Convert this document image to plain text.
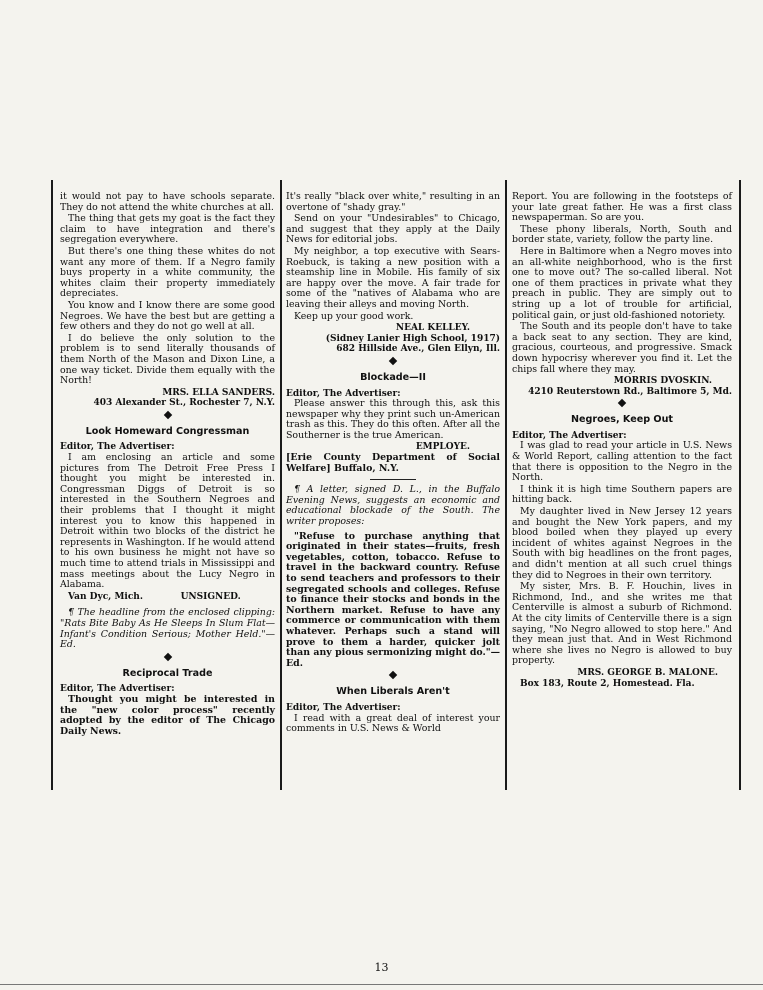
it would not pay to have schools separate. They do not attend the white churches at all.

The thing that gets my goat is the fact they claim to have integration and there's segregation everywhere.

But there's one thing these whites do not want any more of them. If a Negro family buys property in a white community, the whites claim their property immediately depreciates.

You know and I know there are some good Negroes. We have the best but are getting a few others and they do not go well at all.

I do believe the only solution to the problem is to send literally thousands of them North of the Mason and Dixon Line, a one way ticket. Divide them equally with the North!

MRS. ELLA SANDERS.

403 Alexander St., Rochester 7, N.Y.

Look Homeward Congressman

Editor, The Advertiser:

I am enclosing an article and some pictures from The Detroit Free Press I thought you might be interested in. Congressman Diggs of Detroit is so interested in the Southern Negroes and their problems that I thought it might interest you to know this happened in Detroit within two blocks of the district he represents in Washington. If he would attend to his own business he might not have so much time to attend trials in Mississippi and mass meetings about the Lucy Negro in Alabama.

Van Dyc, Mich.            UNSIGNED.

¶ The headline from the enclosed clipping: "Rats Bite Baby As He Sleeps In Slum Flat—Infant's Condition Serious; Mother Held."—Ed.

Reciprocal Trade

Editor, The Advertiser:

Thought you might be interested in the "new color process" recently adopted by the editor of The Chicago Daily News.

It's really "black over white," resulting in an overtone of "shady gray."

Send on your "Undesirables" to Chicago, and suggest that they apply at the Daily News for editorial jobs.

My neighbor, a top executive with Sears-Roebuck, is taking a new position with a steamship line in Mobile. His family of six are happy over the move. A fair trade for some of the "natives of Alabama who are leaving their alleys and moving North.

Keep up your good work.

NEAL KELLEY.

(Sidney Lanier High School, 1917)

682 Hillside Ave., Glen Ellyn, Ill.

Blockade—II

Editor, The Advertiser:

Please answer this through this, ask this newspaper why they print such un-American trash as this. They do this often. After all the Southerner is the true American.

EMPLOYE.

[Erie County Department of Social Welfare] Buffalo, N.Y.

¶ A letter, signed D. L., in the Buffalo Evening News, suggests an economic and educational blockade of the South. The writer proposes:

"Refuse to purchase anything that originated in their states—fruits, fresh vegetables, cotton, tobacco. Refuse to travel in the backward country. Refuse to send teachers and professors to their segregated schools and colleges. Refuse to finance their stocks and bonds in the Northern market. Refuse to have any commerce or communication with them whatever. Perhaps such a stand will prove to them a harder, quicker jolt than any pious sermonizing might do."—Ed.

When Liberals Aren't

Editor, The Advertiser:

I read with a great deal of interest your comments in U.S. News & World

Report. You are following in the footsteps of your late great father. He was a first class newspaperman. So are you.

These phony liberals, North, South and border state, variety, follow the party line.

Here in Baltimore when a Negro moves into an all-white neighborhood, who is the first one to move out? The so-called liberal. Not one of them practices in private what they preach in public. They are simply out to string up a lot of trouble for artificial, political gain, or just old-fashioned notoriety.

The South and its people don't have to take a back seat to any section. They are kind, gracious, courteous, and progressive. Smack down hypocrisy wherever you find it. Let the chips fall where they may.

MORRIS DVOSKIN.

4210 Reuterstown Rd., Baltimore 5, Md.

Negroes, Keep Out

Editor, The Advertiser:

I was glad to read your article in U.S. News & World Report, calling attention to the fact that there is opposition to the Negro in the North.

I think it is high time Southern papers are hitting back.

My daughter lived in New Jersey 12 years and bought the New York papers, and my blood boiled when they played up every incident of whites against Negroes in the South with big headlines on the front pages, and didn't mention at all such cruel things they did to Negroes in their own territory.

My sister, Mrs. B. F. Houchin, lives in Richmond, Ind., and she writes me that Centerville is almost a suburb of Richmond. At the city limits of Centerville there is a sign saying, "No Negro allowed to stop here." And they mean just that. And in West Richmond where she lives no Negro is allowed to buy property.

MRS. GEORGE B. MALONE.

Box 183, Route 2, Homestead. Fla.

13
